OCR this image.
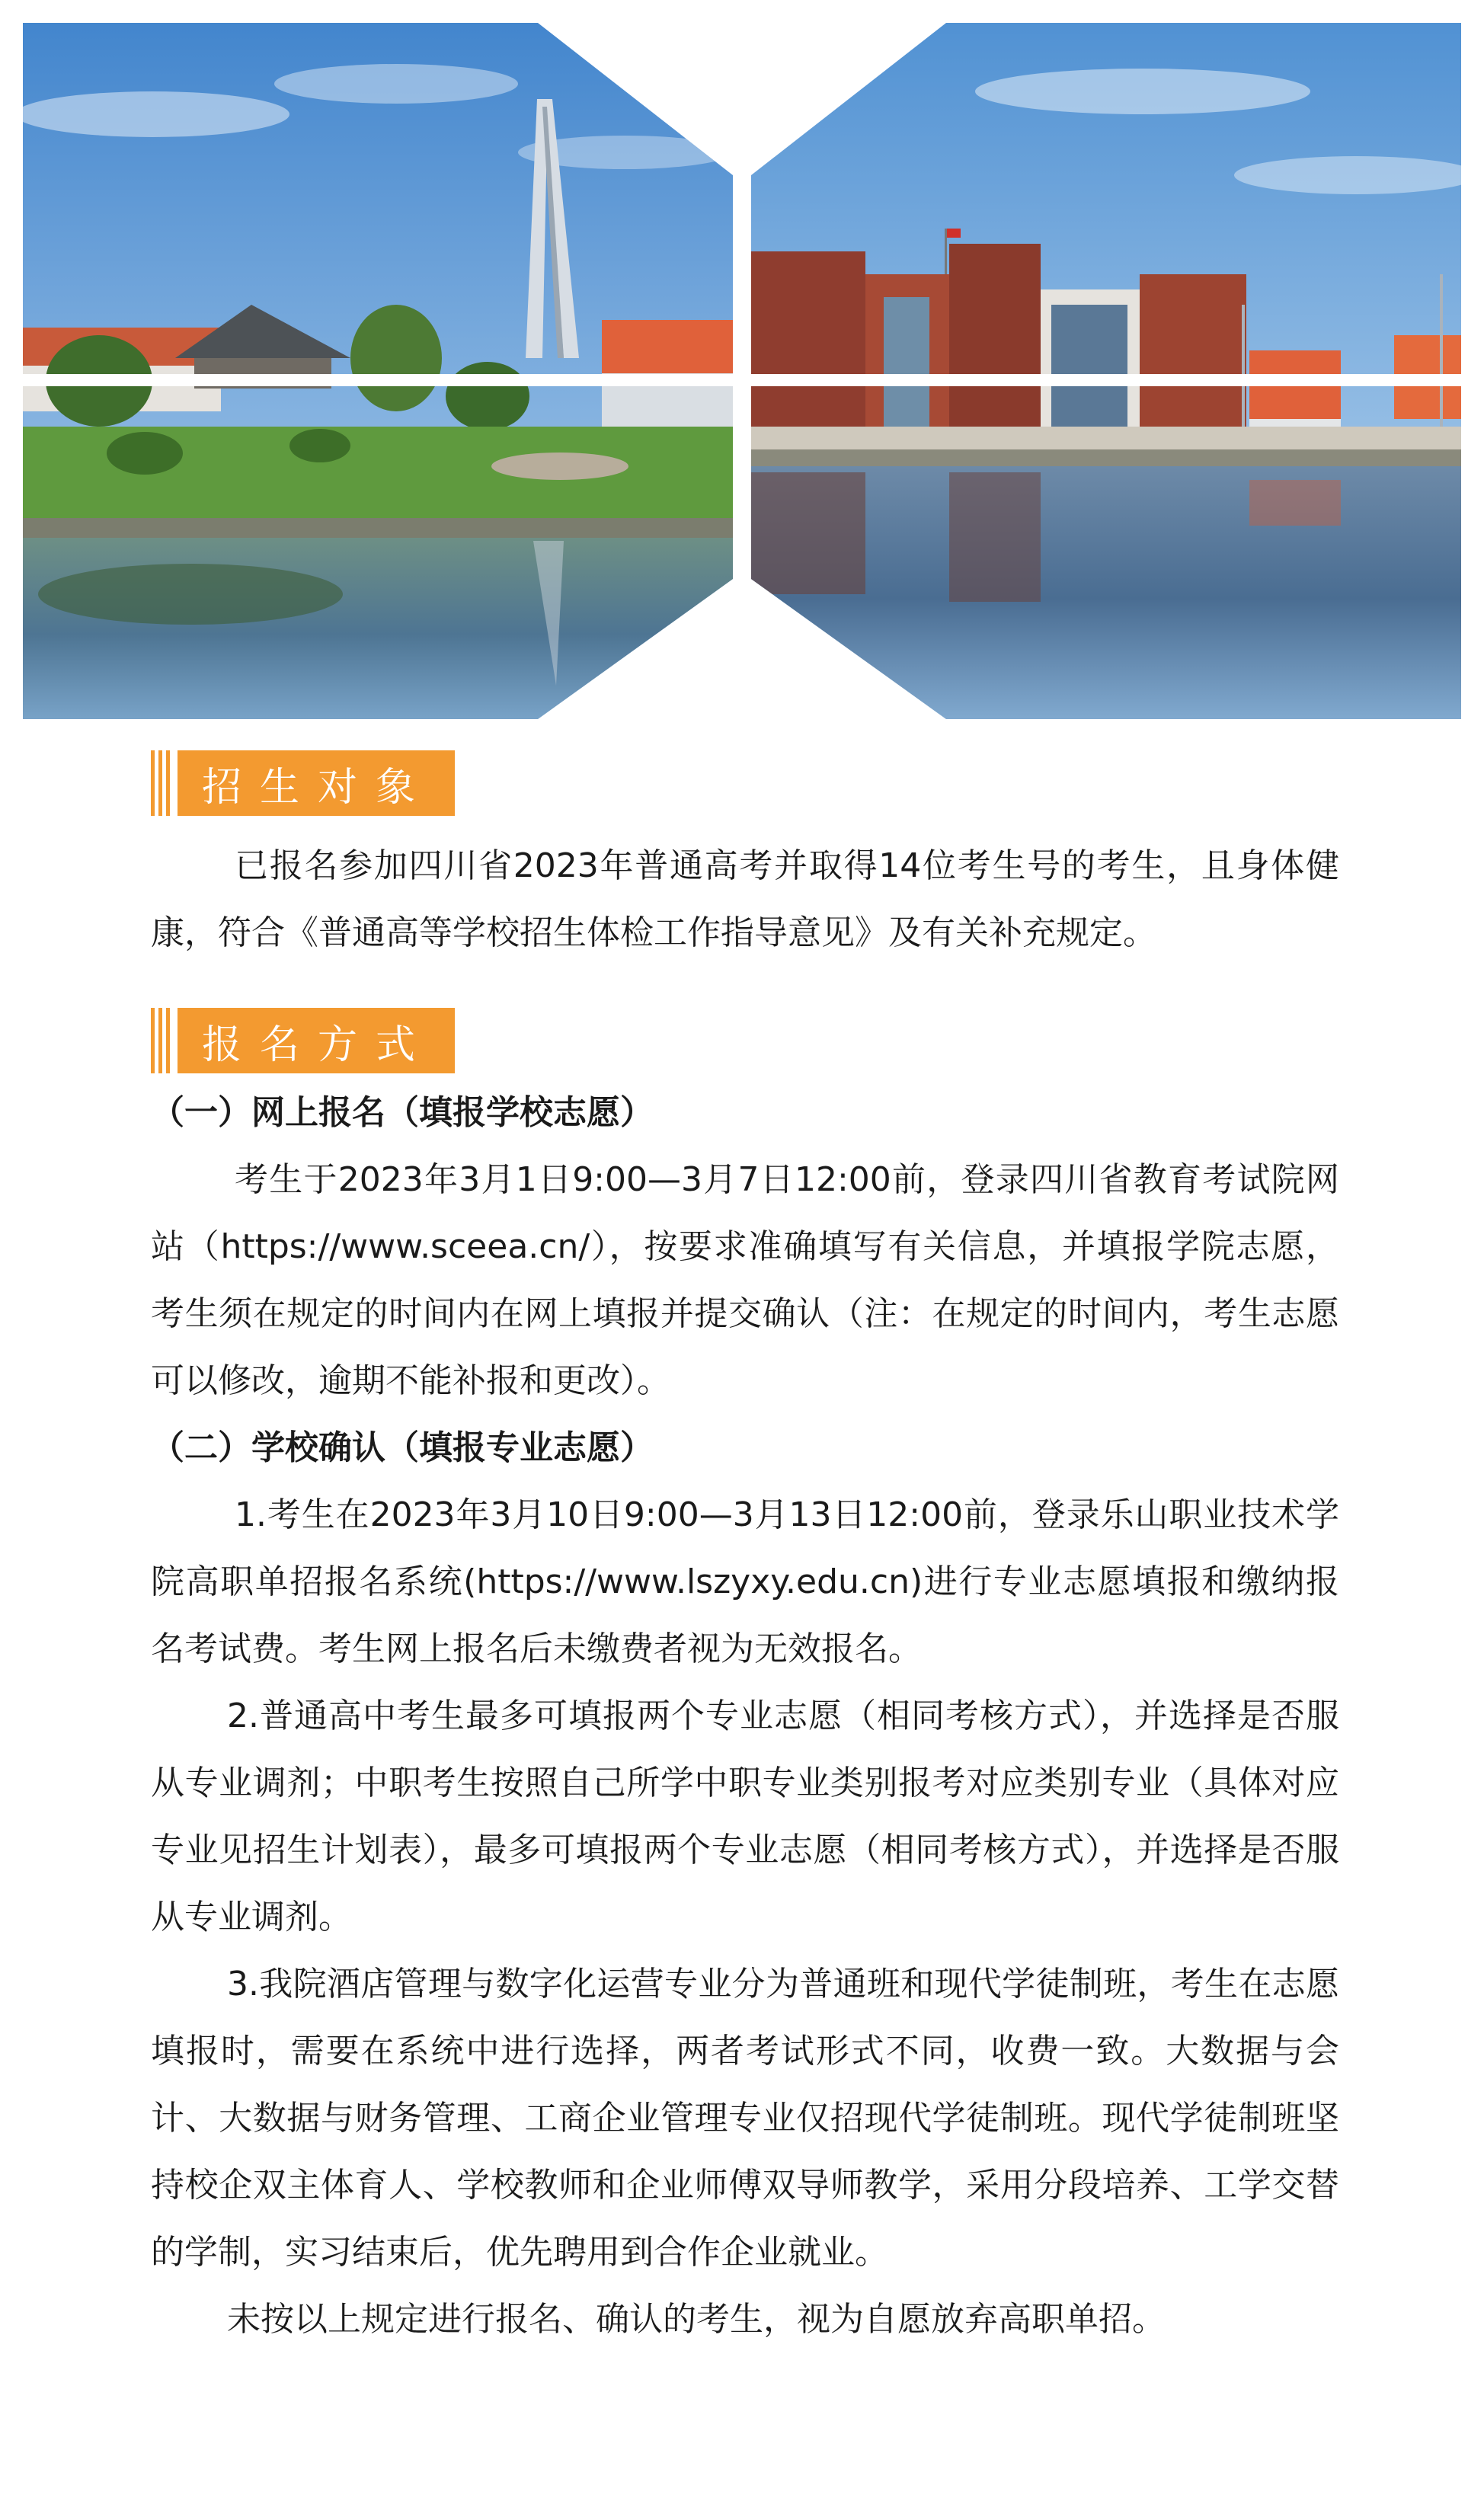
招生对象

已报名参加四川省2023年普通高考并取得14位考生号的考生，且身体健康，符合《普通高等学校招生体检工作指导意见》及有关补充规定。

报名方式

（一）网上报名（填报学校志愿）

考生于2023年3月1日9:00—3月7日12:00前，登录四川省教育考试院网站（https://www.sceea.cn/），按要求准确填写有关信息，并填报学院志愿，考生须在规定的时间内在网上填报并提交确认（注：在规定的时间内，考生志愿可以修改，逾期不能补报和更改）。

（二）学校确认（填报专业志愿）

1.考生在2023年3月10日9:00—3月13日12:00前，登录乐山职业技术学院高职单招报名系统(https://www.lszyxy.edu.cn)进行专业志愿填报和缴纳报名考试费。考生网上报名后未缴费者视为无效报名。

2.普通高中考生最多可填报两个专业志愿（相同考核方式），并选择是否服从专业调剂；中职考生按照自己所学中职专业类别报考对应类别专业（具体对应专业见招生计划表），最多可填报两个专业志愿（相同考核方式），并选择是否服从专业调剂。

3.我院酒店管理与数字化运营专业分为普通班和现代学徒制班，考生在志愿填报时，需要在系统中进行选择，两者考试形式不同，收费一致。大数据与会计、大数据与财务管理、工商企业管理专业仅招现代学徒制班。现代学徒制班坚持校企双主体育人、学校教师和企业师傅双导师教学，采用分段培养、工学交替的学制，实习结束后，优先聘用到合作企业就业。

未按以上规定进行报名、确认的考生，视为自愿放弃高职单招。
